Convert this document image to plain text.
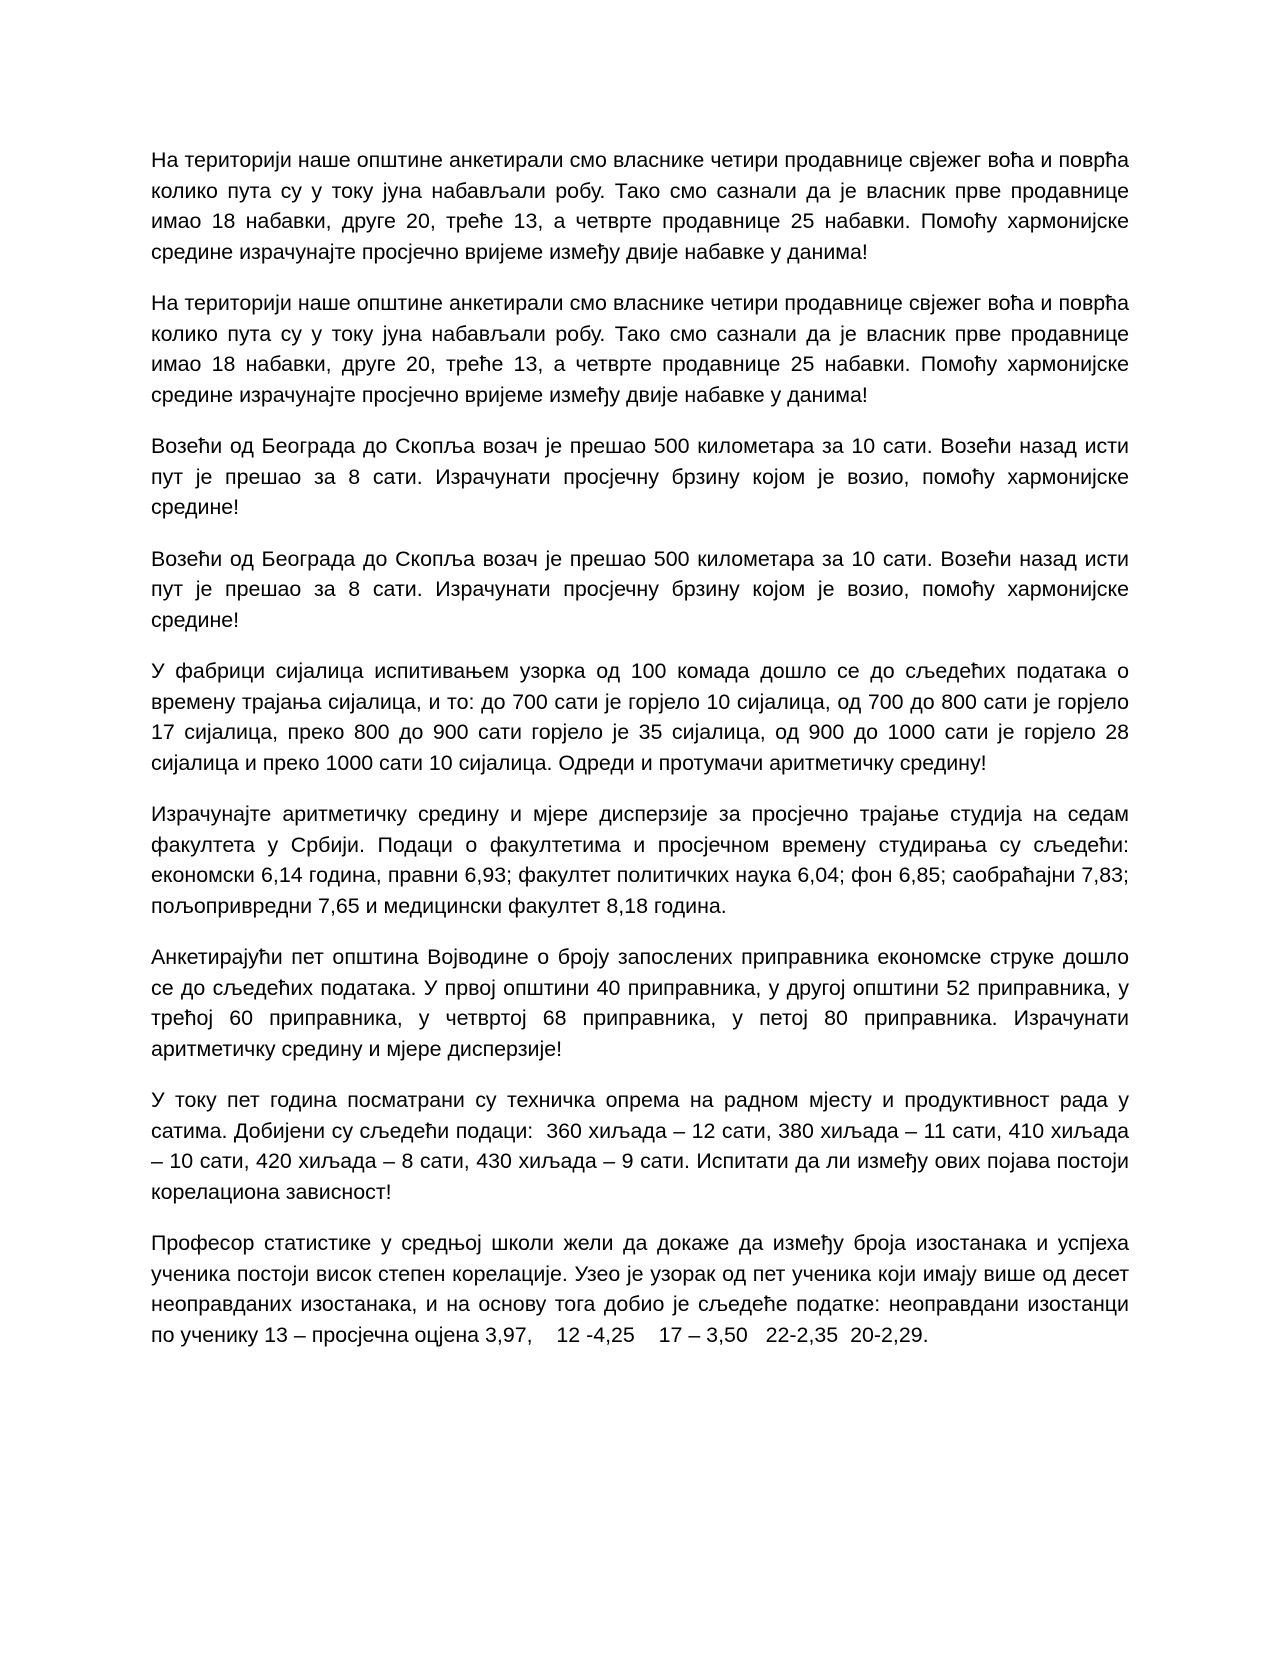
На територији наше општине анкетирали смо власнике четири продавнице свјежег воћа и поврћа колико пута су у току јуна набављали робу. Тако смо сазнали да је власник прве продавнице имао 18 набавки, друге 20, треће 13, а четврте продавнице 25 набавки. Помоћу хармонијске средине израчунајте просјечно вријеме између двије набавке у данима!

На територији наше општине анкетирали смо власнике четири продавнице свјежег воћа и поврћа колико пута су у току јуна набављали робу. Тако смо сазнали да је власник прве продавнице имао 18 набавки, друге 20, треће 13, а четврте продавнице 25 набавки. Помоћу хармонијске средине израчунајте просјечно вријеме између двије набавке у данима!

Возећи од Београда до Скопља возач је прешао 500 километара за 10 сати. Возећи назад исти пут је прешао за 8 сати. Израчунати просјечну брзину којом је возио, помоћу хармонијске средине!

Возећи од Београда до Скопља возач је прешао 500 километара за 10 сати. Возећи назад исти пут је прешао за 8 сати. Израчунати просјечну брзину којом је возио, помоћу хармонијске средине!

У фабрици сијалица испитивањем узорка од 100 комада дошло се до сљедећих података о времену трајања сијалица, и то: до 700 сати је горјело 10 сијалица, од 700 до 800 сати је горјело 17 сијалица, преко 800 до 900 сати горјело је 35 сијалица, од 900 до 1000 сати је горјело 28 сијалица и преко 1000 сати 10 сијалица. Одреди и протумачи аритметичку средину!

Израчунајте аритметичку средину и мјере дисперзије за просјечно трајање студија на седам факултета у Србији. Подаци о факултетима и просјечном времену студирања су сљедећи:  економски 6,14 година, правни 6,93; факултет политичких наука 6,04; фон 6,85; саобраћајни 7,83; пољопривредни 7,65 и медицински факултет 8,18 година.

Анкетирајући пет општина Војводине о броју запослених приправника економске струке дошло се до сљедећих података. У првој општини 40 приправника, у другој општини 52 приправника, у трећој 60 приправника, у четвртој 68 приправника, у петој 80 приправника. Израчунати аритметичку средину и мјере дисперзије!

У току пет година посматрани су техничка опрема на радном мјесту и продуктивност рада у сатима. Добијени су сљедећи подаци:  360 хиљада – 12 сати, 380 хиљада – 11 сати, 410 хиљада – 10 сати, 420 хиљада – 8 сати, 430 хиљада – 9 сати. Испитати да ли између ових појава постоји корелациона зависност!

Професор статистике у средњој школи жели да докаже да између броја изостанака и успјеха ученика постоји висок степен корелације. Узео је узорак од пет ученика који имају више од десет неоправданих изостанака, и на основу тога добио је сљедеће податке: неоправдани изостанци по ученику 13 – просјечна оцјена 3,97,    12 -4,25    17 – 3,50   22-2,35  20-2,29.
